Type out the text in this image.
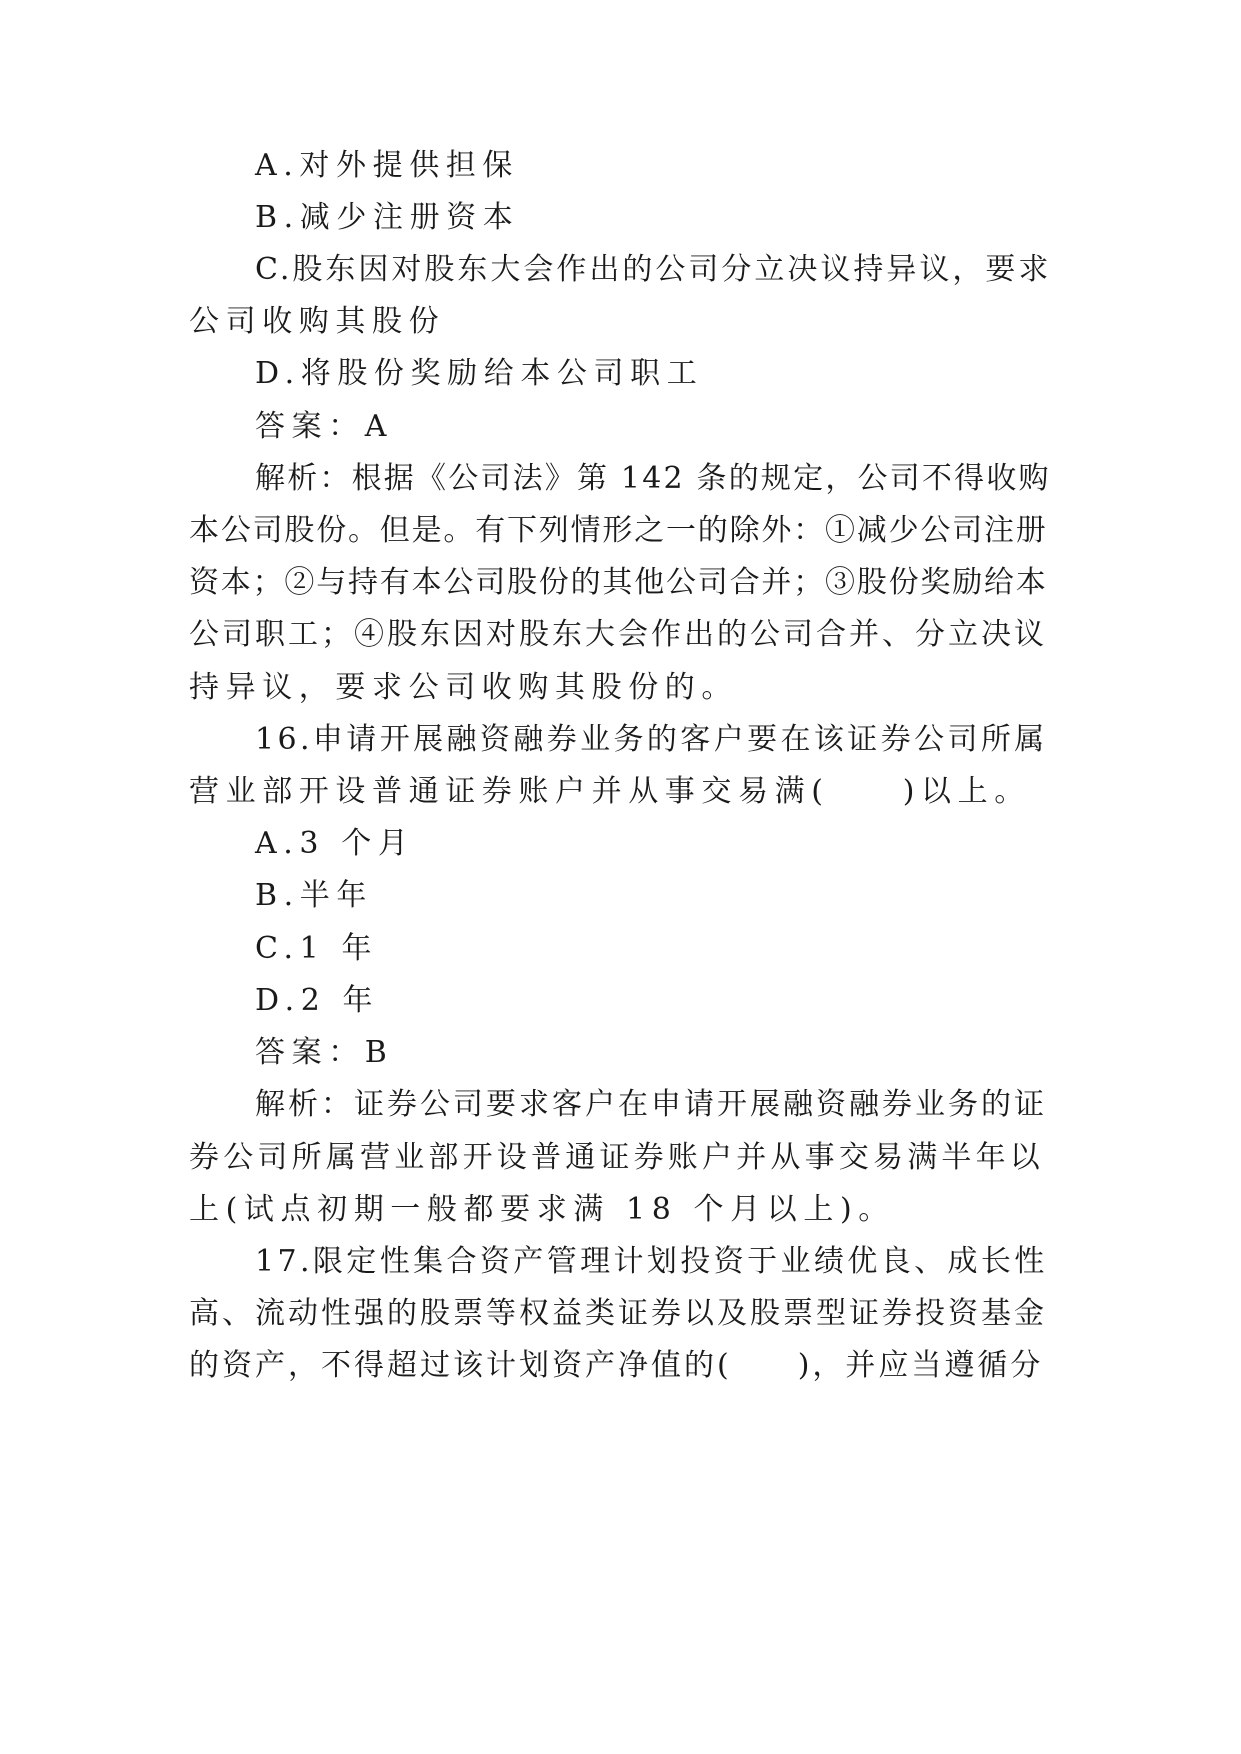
A.对外提供担保
B.减少注册资本
C.股东因对股东大会作出的公司分立决议持异议，要求
公司收购其股份
D.将股份奖励给本公司职工
答案：A
解析：根据《公司法》第 142 条的规定，公司不得收购
本公司股份。但是。有下列情形之一的除外：①减少公司注册
资本；②与持有本公司股份的其他公司合并；③股份奖励给本
公司职工；④股东因对股东大会作出的公司合并、分立决议
持异议，要求公司收购其股份的。
16.申请开展融资融券业务的客户要在该证券公司所属
营业部开设普通证券账户并从事交易满(　　)以上。
A.3 个月
B.半年
C.1 年
D.2 年
答案：B
解析：证券公司要求客户在申请开展融资融券业务的证
券公司所属营业部开设普通证券账户并从事交易满半年以
上(试点初期一般都要求满 18 个月以上)。
17.限定性集合资产管理计划投资于业绩优良、成长性
高、流动性强的股票等权益类证券以及股票型证券投资基金
的资产，不得超过该计划资产净值的(　　)，并应当遵循分
